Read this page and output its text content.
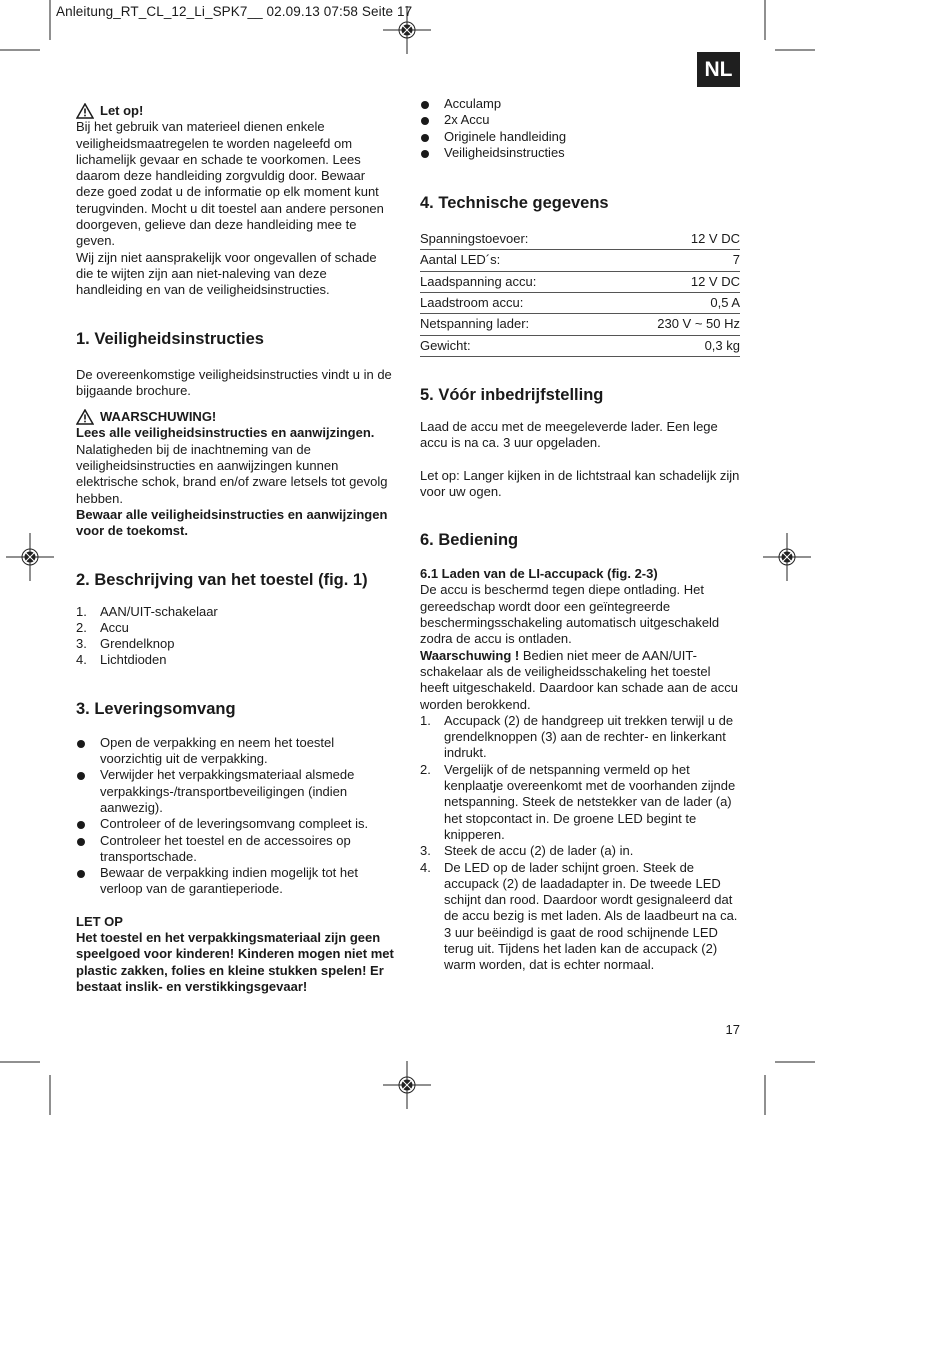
Anleitung_RT_CL_12_Li_SPK7__ 02.09.13 07:58 Seite 17
NL
Let op!

Bij het gebruik van materieel dienen enkele veiligheidsmaatregelen te worden nageleefd om lichamelijk gevaar en schade te voorkomen. Lees daarom deze handleiding zorgvuldig door. Bewaar deze goed zodat u de informatie op elk moment kunt terugvinden. Mocht u dit toestel aan andere personen doorgeven, gelieve dan deze handleiding mee te geven.

Wij zijn niet aansprakelijk voor ongevallen of schade die te wijten zijn aan niet-naleving van deze handleiding en van de veiligheidsinstructies.

1. Veiligheidsinstructies

De overeenkomstige veiligheidsinstructies vindt u in de bijgaande brochure.

WAARSCHUWING!

Lees alle veiligheidsinstructies en aanwijzingen.

Nalatigheden bij de inachtneming van de veiligheidsinstructies en aanwijzingen kunnen elektrische schok, brand en/of zware letsels tot gevolg hebben.

Bewaar alle veiligheidsinstructies en aanwijzingen voor de toekomst.

2. Beschrijving van het toestel (fig. 1)

1. AAN/UIT-schakelaar
2. Accu
3. Grendelknop
4. Lichtdioden

3. Leveringsomvang

Open de verpakking en neem het toestel voorzichtig uit de verpakking.
Verwijder het verpakkingsmateriaal alsmede verpakkings-/transportbeveiligingen (indien aanwezig).
Controleer of de leveringsomvang compleet is.
Controleer het toestel en de accessoires op transportschade.
Bewaar de verpakking indien mogelijk tot het verloop van de garantieperiode.

LET OP

Het toestel en het verpakkingsmateriaal zijn geen speelgoed voor kinderen! Kinderen mogen niet met plastic zakken, folies en kleine stukken spelen! Er bestaat inslik- en verstikkingsgevaar!

Acculamp
2x Accu
Originele handleiding
Veiligheidsinstructies

4. Technische gegevens

Spanningstoevoer:	12 V DC
Aantal LED´s:	7
Laadspanning accu:	12 V DC
Laadstroom accu:	0,5 A
Netspanning lader:	230 V ~ 50 Hz
Gewicht:	0,3 kg

5. Vóór inbedrijfstelling

Laad de accu met de meegeleverde lader. Een lege accu is na ca. 3 uur opgeladen.

Let op: Langer kijken in de lichtstraal kan schadelijk zijn voor uw ogen.

6. Bediening

6.1 Laden van de LI-accupack (fig. 2-3)

De accu is beschermd tegen diepe ontlading. Het gereedschap wordt door een geïntegreerde beschermingsschakeling automatisch uitgeschakeld zodra de accu is ontladen.

Waarschuwing ! Bedien niet meer de AAN/UIT-schakelaar als de veiligheidsschakeling het toestel heeft uitgeschakeld. Daardoor kan schade aan de accu worden berokkend.

1. Accupack (2) de handgreep uit trekken terwijl u de grendelknoppen (3) aan de rechter- en linkerkant indrukt.
2. Vergelijk of de netspanning vermeld op het kenplaatje overeenkomt met de voorhanden zijnde netspanning. Steek de netstekker van de lader (a) het stopcontact in. De groene LED begint te knipperen.
3. Steek de accu (2) de lader (a) in.
4. De LED op de lader schijnt groen. Steek de accupack (2) de laadadapter in. De tweede LED schijnt dan rood. Daardoor wordt gesignaleerd dat de accu bezig is met laden. Als de laadbeurt na ca. 3 uur beëindigd is gaat de rood schijnende LED terug uit. Tijdens het laden kan de accupack (2) warm worden, dat is echter normaal.
17
